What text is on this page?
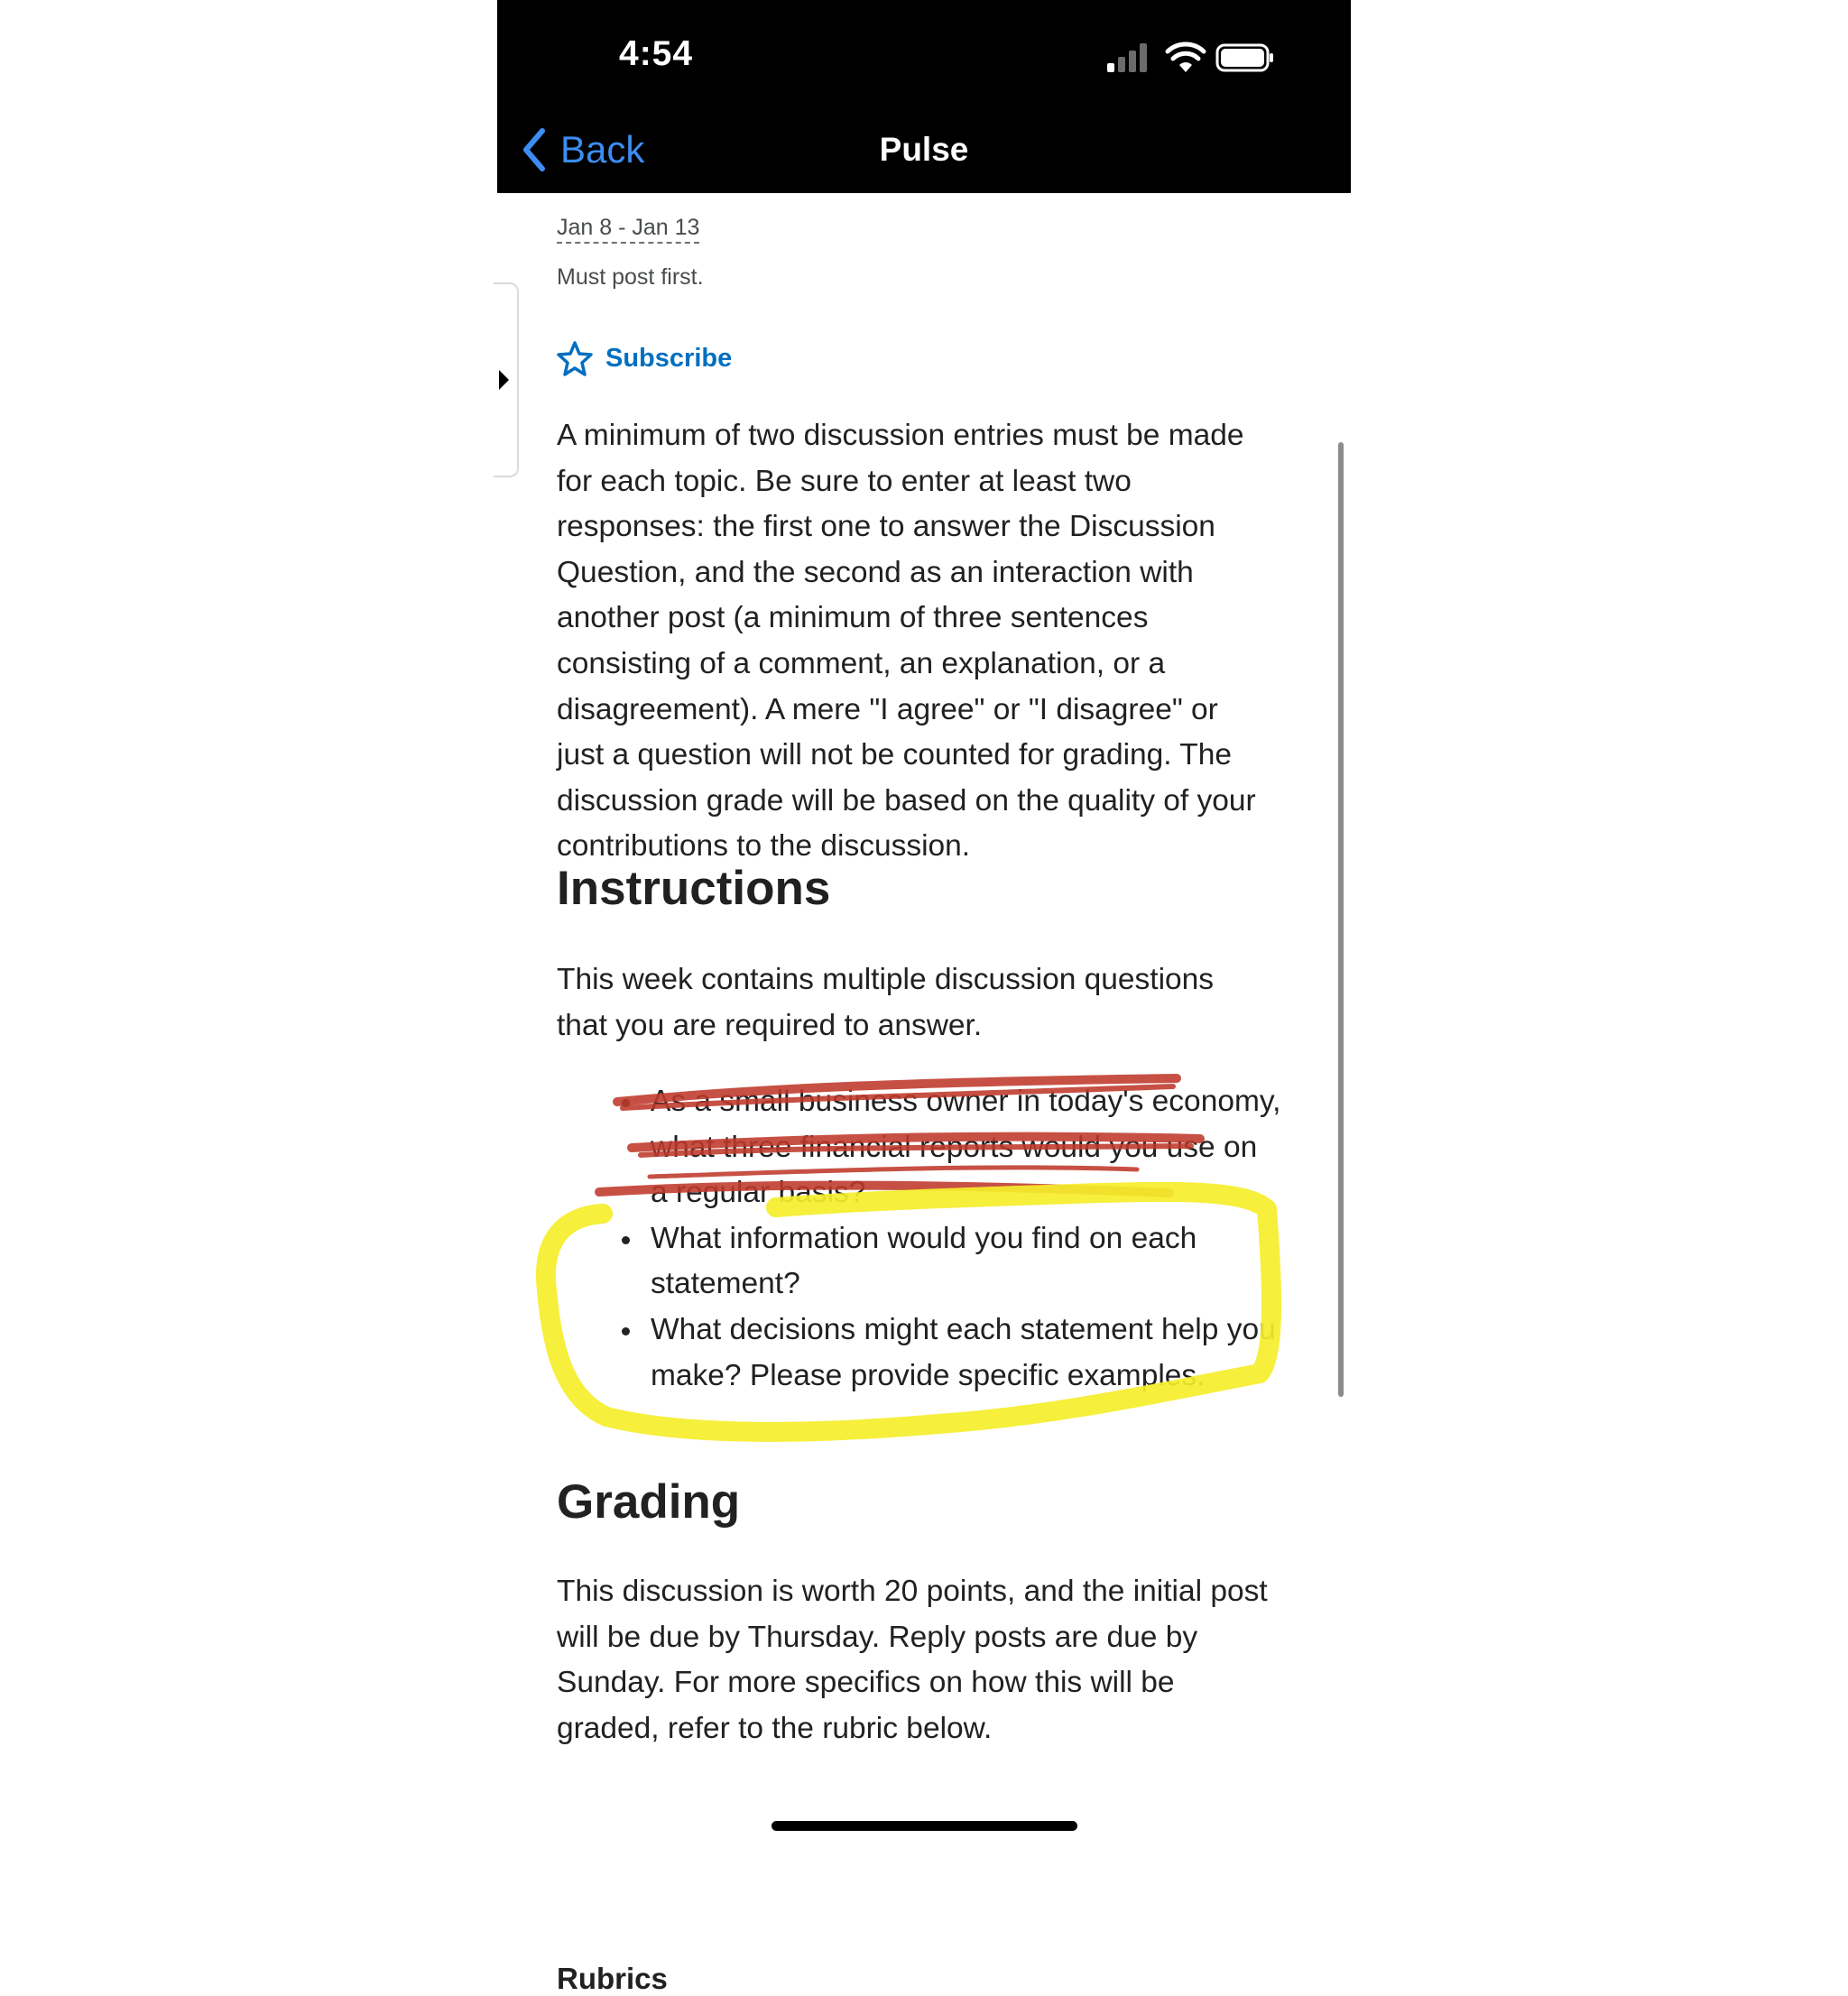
4:54
Back	Pulse
Jan 8 - Jan 13
Must post first.
Subscribe
A minimum of two discussion entries must be made for each topic. Be sure to enter at least two responses: the first one to answer the Discussion Question, and the second as an interaction with another post (a minimum of three sentences consisting of a comment, an explanation, or a disagreement). A mere "I agree" or "I disagree" or just a question will not be counted for grading. The discussion grade will be based on the quality of your contributions to the discussion.
Instructions
This week contains multiple discussion questions that you are required to answer.
Grading
This discussion is worth 20 points, and the initial post will be due by Thursday. Reply posts are due by Sunday. For more specifics on how this will be graded, refer to the rubric below.
Rubrics
As a small business owner in today's economy, what three financial reports would you use on a regular basis?
What information would you find on each statement?
What decisions might each statement help you make? Please provide specific examples.
